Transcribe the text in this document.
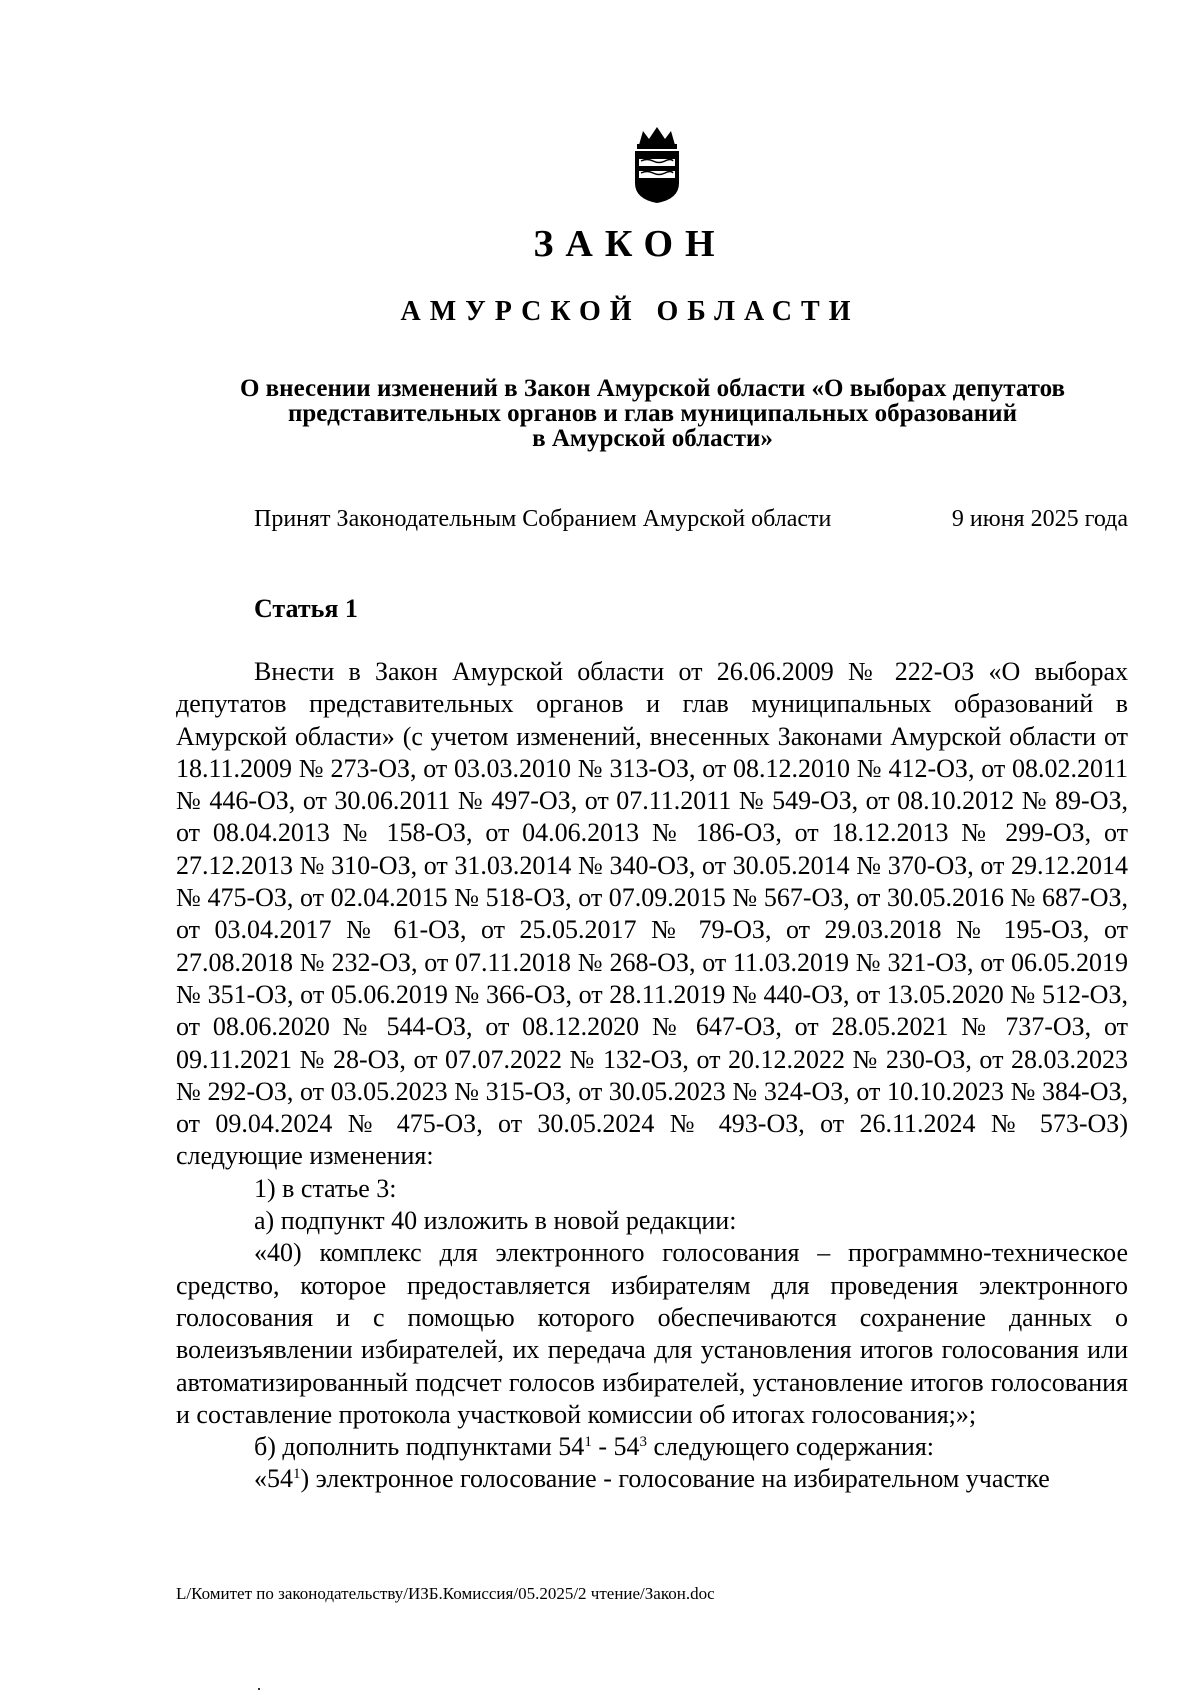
ЗАКОН
АМУРСКОЙ ОБЛАСТИ
О внесении изменений в Закон Амурской области «О выборах депутатов
представительных органов и глав муниципальных образований
в Амурской области»
Принят Законодательным Собранием Амурской области	9 июня 2025 года
Статья 1

Внести в Закон Амурской области от 26.06.2009 № 222-ОЗ «О выборах депутатов представительных органов и глав муниципальных образований в Амурской области» (с учетом изменений, внесенных Законами Амурской области от 18.11.2009 № 273-ОЗ, от 03.03.2010 № 313-ОЗ, от 08.12.2010 № 412-ОЗ, от 08.02.2011 № 446-ОЗ, от 30.06.2011 № 497-ОЗ, от 07.11.2011 № 549-ОЗ, от 08.10.2012 № 89-ОЗ, от 08.04.2013 № 158-ОЗ, от 04.06.2013 № 186-ОЗ, от 18.12.2013 № 299-ОЗ, от 27.12.2013 № 310-ОЗ, от 31.03.2014 № 340-ОЗ, от 30.05.2014 № 370-ОЗ, от 29.12.2014 № 475-ОЗ, от 02.04.2015 № 518-ОЗ, от 07.09.2015 № 567-ОЗ, от 30.05.2016 № 687-ОЗ, от 03.04.2017 № 61-ОЗ, от 25.05.2017 № 79-ОЗ, от 29.03.2018 № 195-ОЗ, от 27.08.2018 № 232-ОЗ, от 07.11.2018 № 268-ОЗ, от 11.03.2019 № 321-ОЗ, от 06.05.2019 № 351-ОЗ, от 05.06.2019 № 366-ОЗ, от 28.11.2019 № 440-ОЗ, от 13.05.2020 № 512-ОЗ, от 08.06.2020 № 544-ОЗ, от 08.12.2020 № 647-ОЗ, от 28.05.2021 № 737-ОЗ, от 09.11.2021 № 28-ОЗ, от 07.07.2022 № 132-ОЗ, от 20.12.2022 № 230-ОЗ, от 28.03.2023 № 292-ОЗ, от 03.05.2023 № 315-ОЗ, от 30.05.2023 № 324-ОЗ, от 10.10.2023 № 384-ОЗ, от 09.04.2024 № 475-ОЗ, от 30.05.2024 № 493-ОЗ, от 26.11.2024 № 573-ОЗ) следующие изменения:

1) в статье 3:

а) подпункт 40 изложить в новой редакции:

«40) комплекс для электронного голосования – программно-техническое средство, которое предоставляется избирателям для проведения электронного голосования и с помощью которого обеспечиваются сохранение данных о волеизъявлении избирателей, их передача для установления итогов голосования или автоматизированный подсчет голосов избирателей, установление итогов голосования и составление протокола участковой комиссии об итогах голосования;»;

б) дополнить подпунктами $54^1 - 54^3$ следующего содержания:

«$54^1$) электронное голосование - голосование на избирательном участке

L/Комитет по законодательству/ИЗБ.Комиссия/05.2025/2 чтение/Закон.doc
